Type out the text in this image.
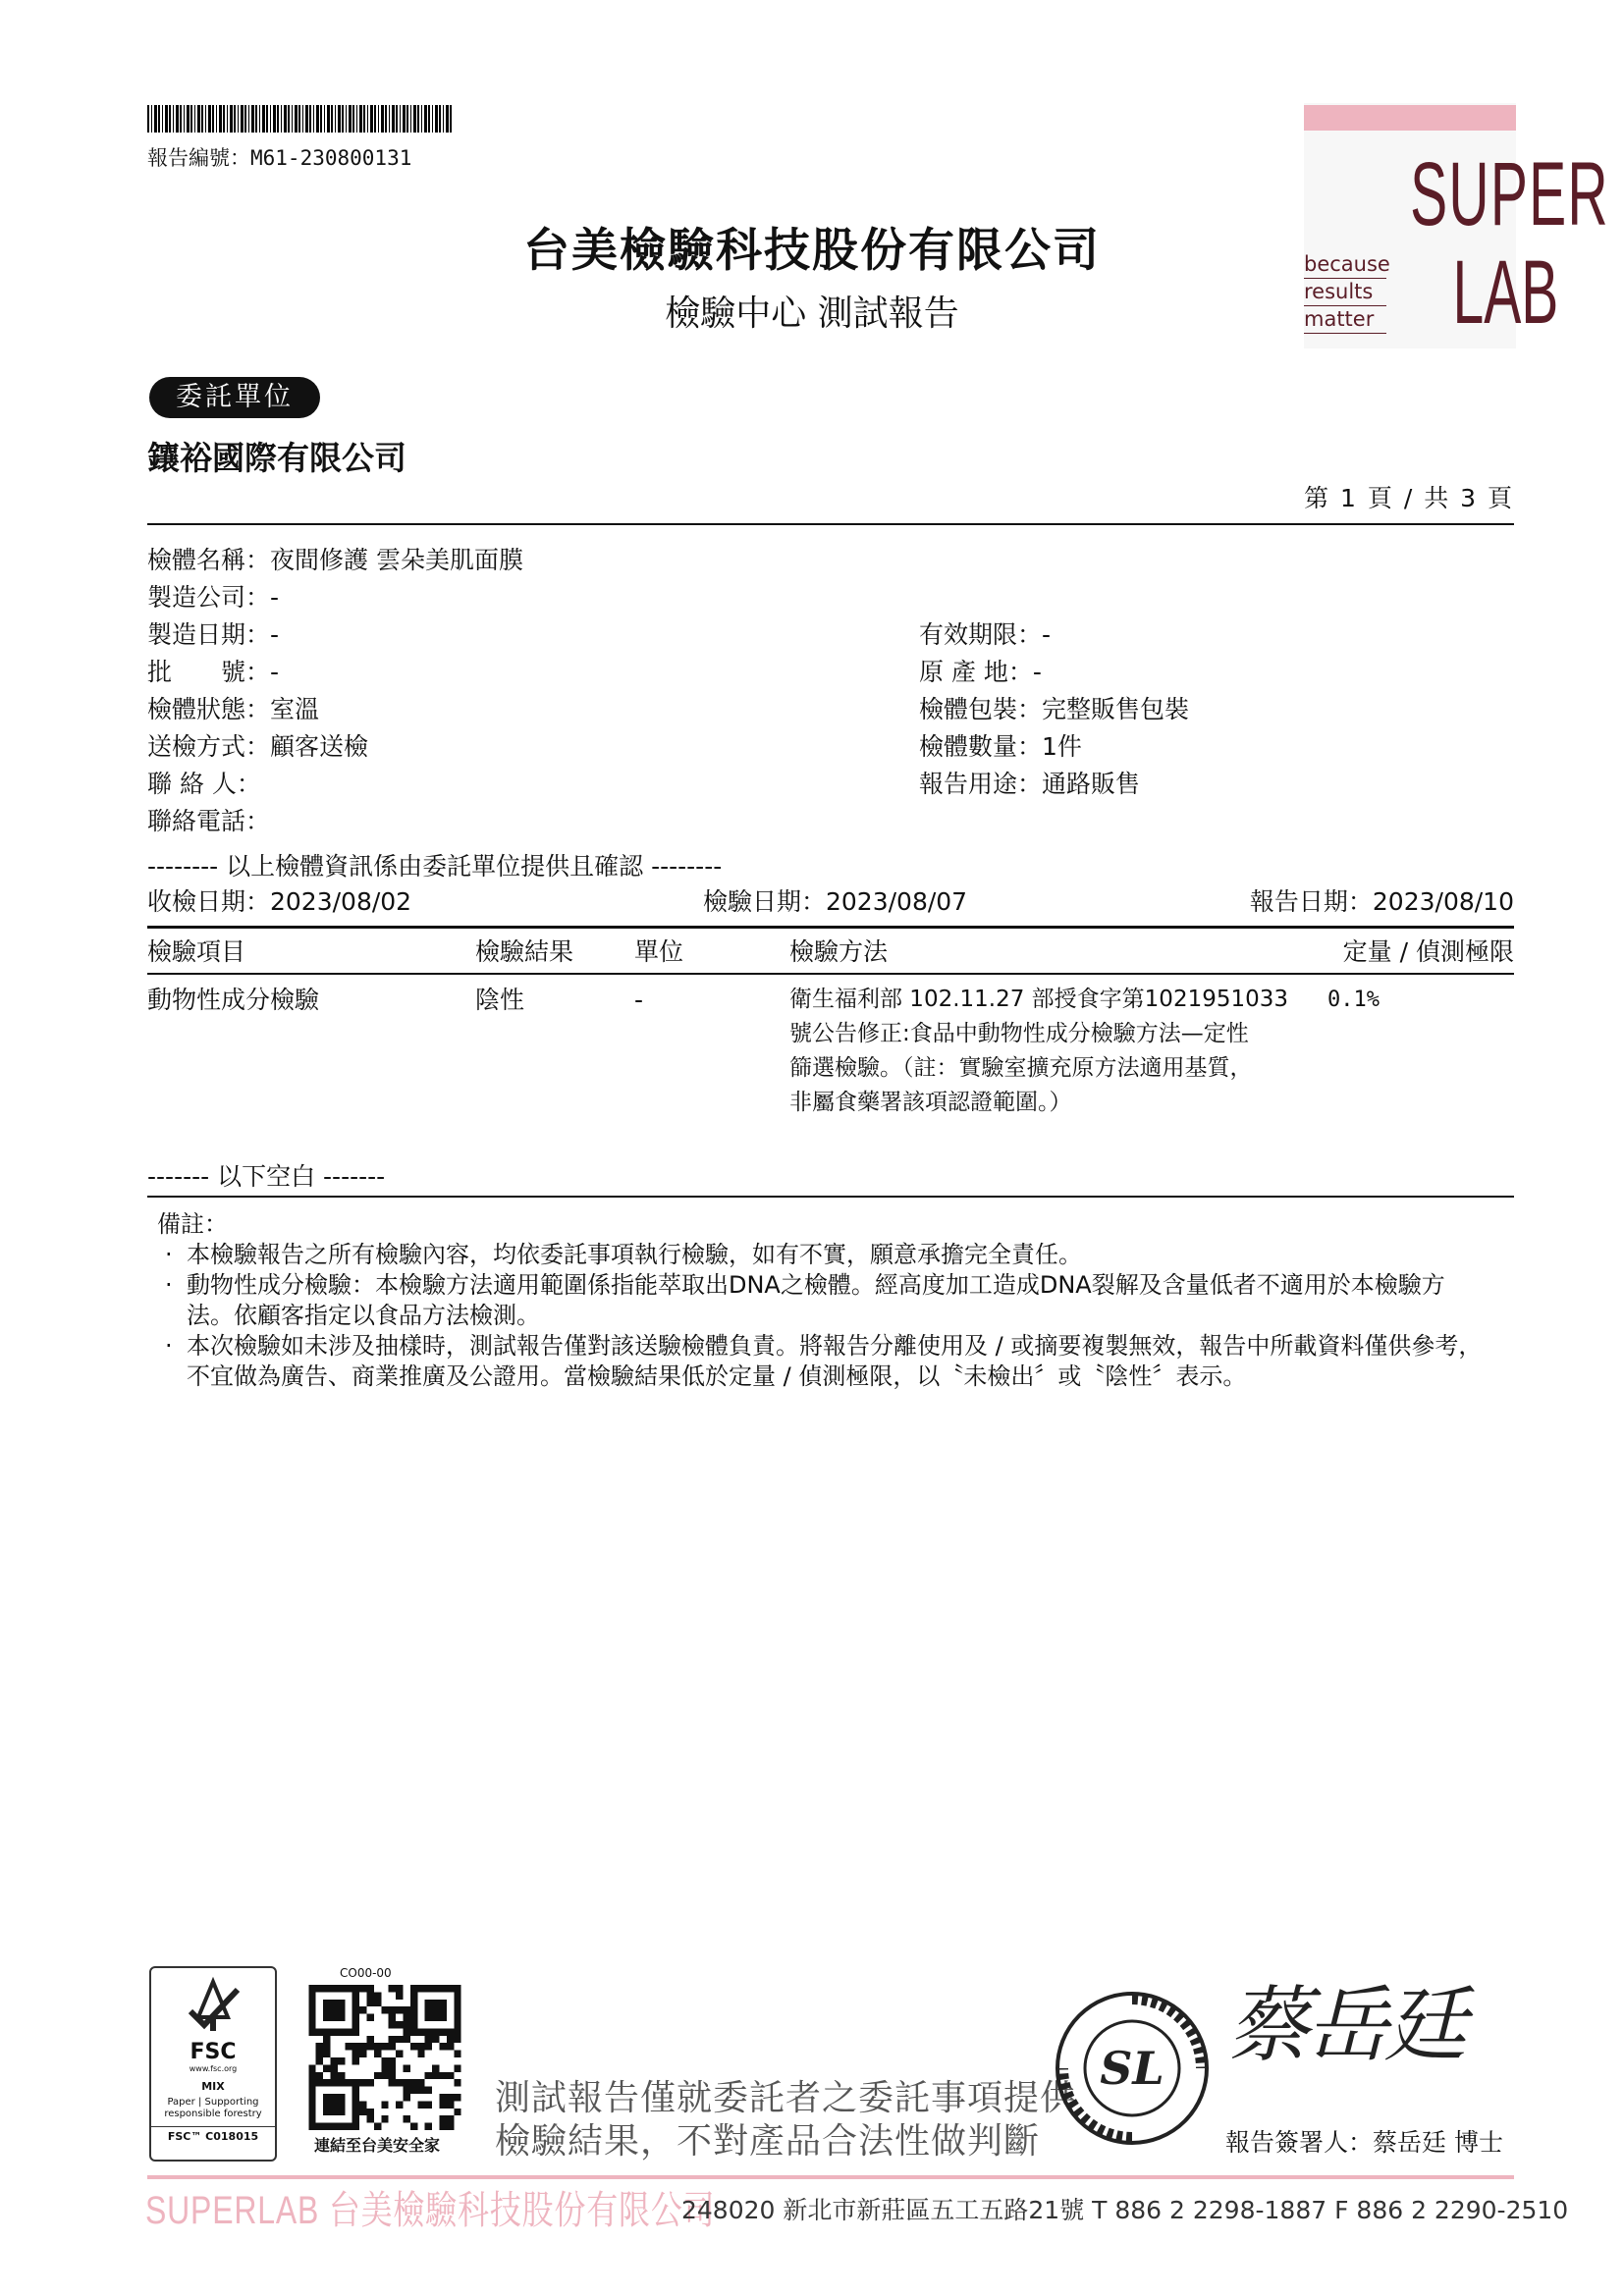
報告編號：M61-230800131
台美檢驗科技股份有限公司
檢驗中心 測試報告
SUPER
LAB
because
results
matter
委託單位
鑲裕國際有限公司
第 1 頁 / 共 3 頁
檢體名稱：夜間修護 雲朵美肌面膜
製造公司：-
製造日期：-	有效期限：-
批　　號：-	原 產 地：-
檢體狀態：室溫	檢體包裝：完整販售包裝
送檢方式：顧客送檢	檢體數量：1件
聯 絡 人：	報告用途：通路販售
聯絡電話：
-------- 以上檢體資訊係由委託單位提供且確認 --------
收檢日期：2023/08/02	檢驗日期：2023/08/07	報告日期：2023/08/10
檢驗項目	檢驗結果	單位	檢驗方法	定量 / 偵測極限
動物性成分檢驗	陰性	-	衛生福利部 102.11.27 部授食字第1021951033
號公告修正:食品中動物性成分檢驗方法—定性
篩選檢驗。（註：實驗室擴充原方法適用基質，
非屬食藥署該項認證範圍。）	0.1%
------- 以下空白 -------
備註：
· 本檢驗報告之所有檢驗內容，均依委託事項執行檢驗，如有不實，願意承擔完全責任。
· 動物性成分檢驗：本檢驗方法適用範圍係指能萃取出DNA之檢體。經高度加工造成DNA裂解及含量低者不適用於本檢驗方法。依顧客指定以食品方法檢測。
· 本次檢驗如未涉及抽樣時，測試報告僅對該送驗檢體負責。將報告分離使用及 / 或摘要複製無效，報告中所載資料僅供參考，不宜做為廣告、商業推廣及公證用。當檢驗結果低於定量 / 偵測極限，以〝未檢出〞或〝陰性〞表示。
FSC
www.fsc.org
MIX
Paper | Supporting responsible forestry
FSC™ C018015
CO00-00
連結至台美安全家
測試報告僅就委託者之委託事項提供
檢驗結果，不對產品合法性做判斷
SL 蔡岳廷
報告簽署人：蔡岳廷 博士
SUPERLAB 台美檢驗科技股份有限公司
248020 新北市新莊區五工五路21號 T 886 2 2298-1887 F 886 2 2290-2510
